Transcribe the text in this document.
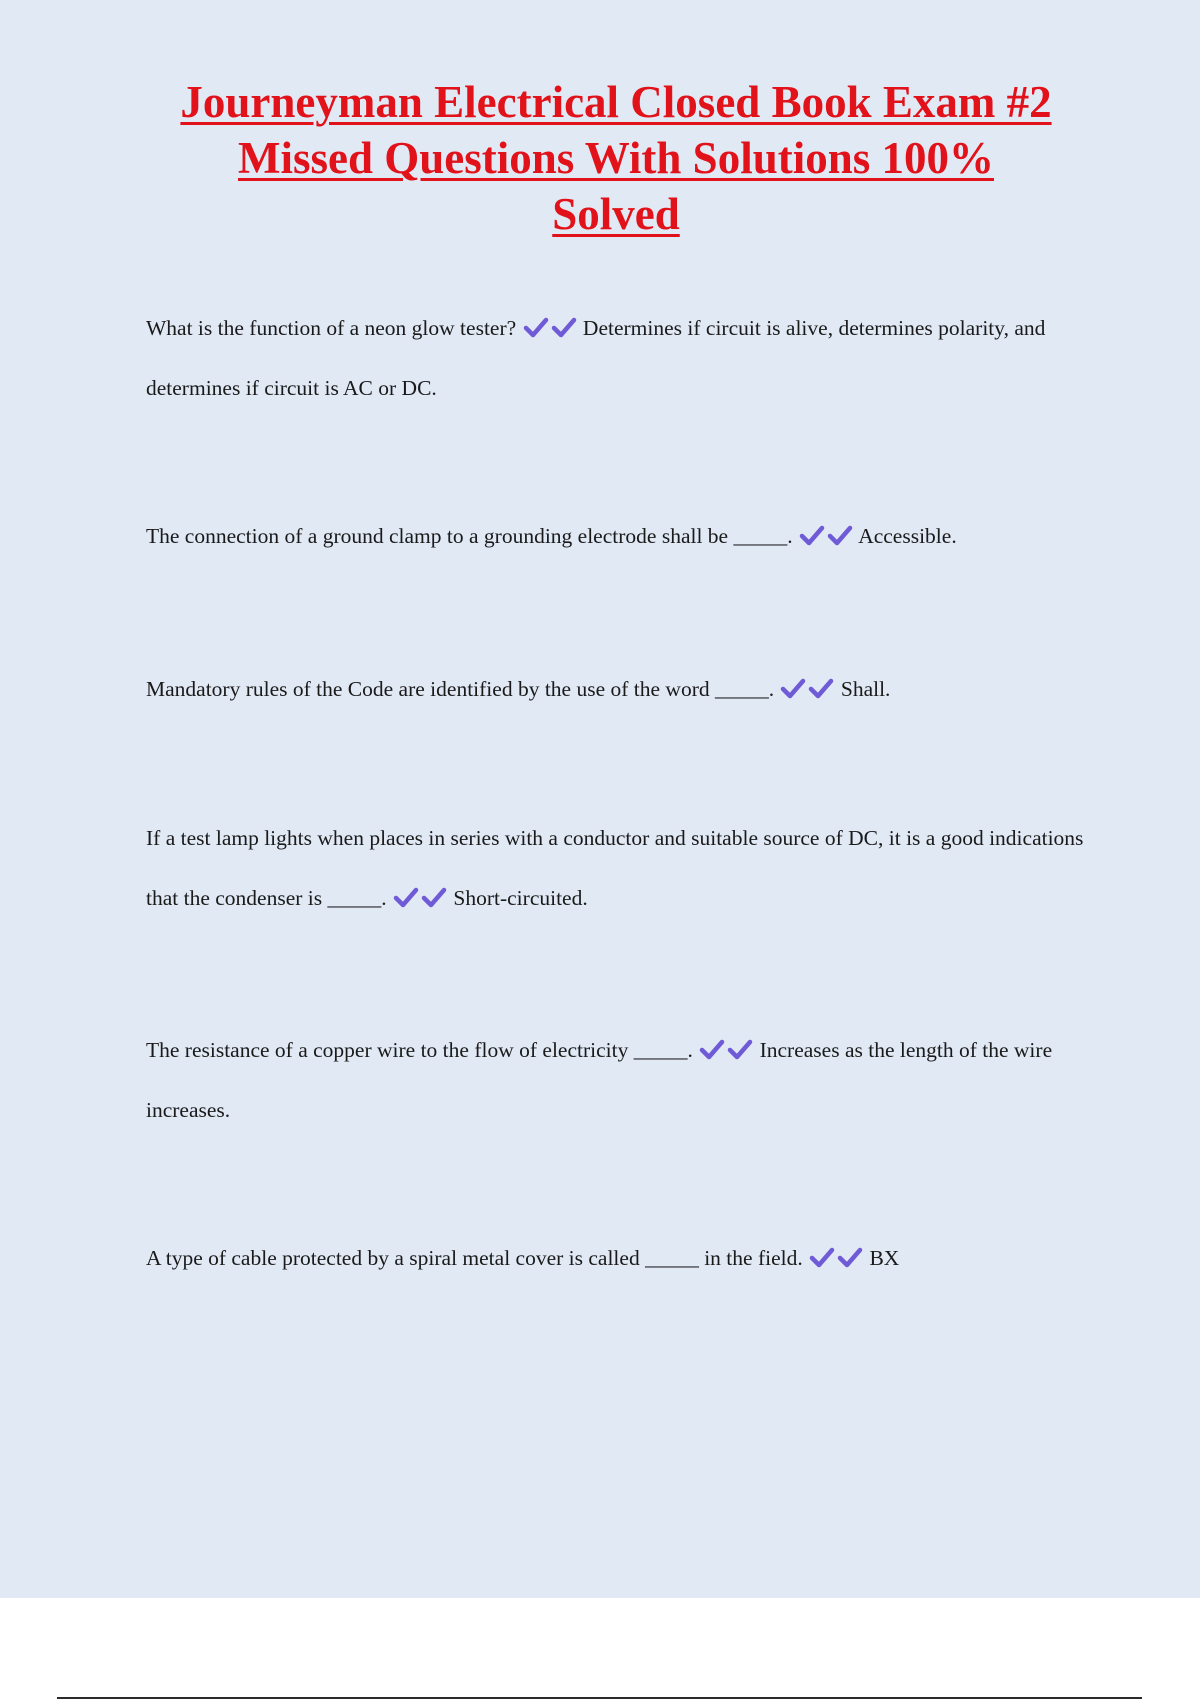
Journeyman Electrical Closed Book Exam #2
Missed Questions With Solutions 100%
Solved

What is the function of a neon glow tester?	Determines if circuit is alive, determines polarity, and determines if circuit is AC or DC.

The connection of a ground clamp to a grounding electrode shall be _____.	Accessible.

Mandatory rules of the Code are identified by the use of the word _____.	Shall.

If a test lamp lights when places in series with a conductor and suitable source of DC, it is a good indications that the condenser is _____.	Short-circuited.

The resistance of a copper wire to the flow of electricity _____.	Increases as the length of the wire increases.

A type of cable protected by a spiral metal cover is called _____ in the field.	BX
